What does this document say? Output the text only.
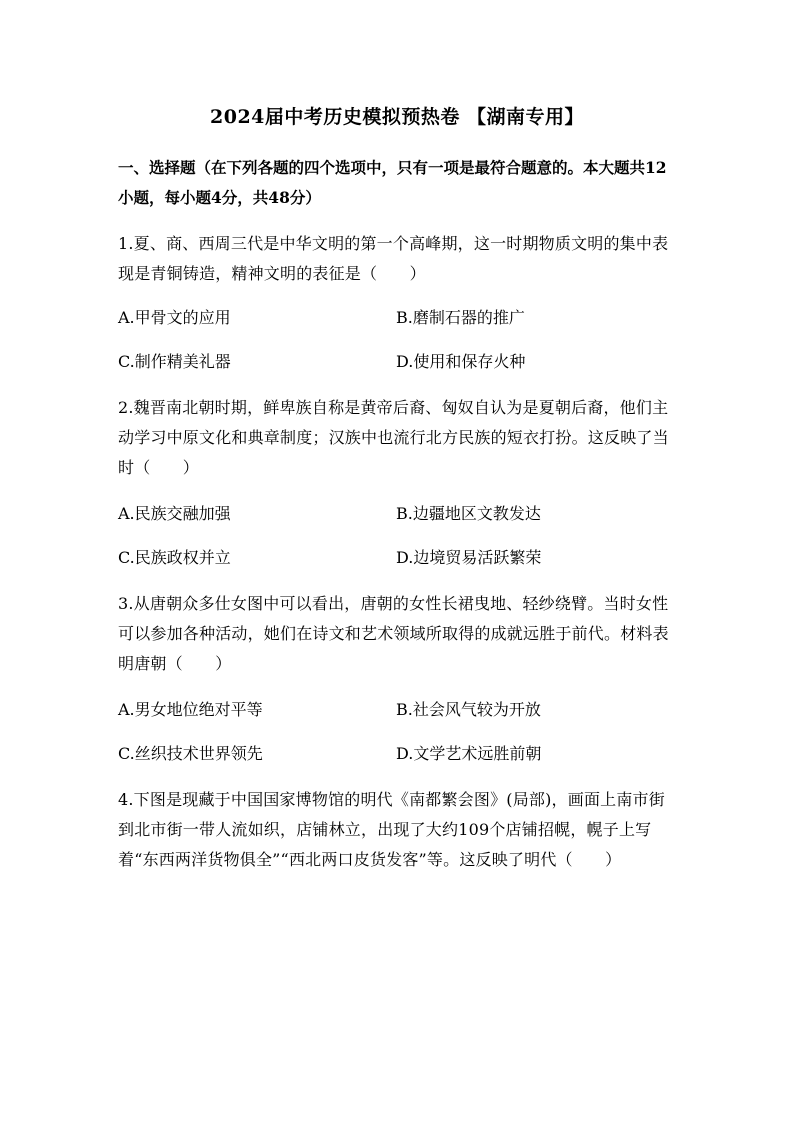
2024届中考历史模拟预热卷 【湖南专用】
一、选择题（在下列各题的四个选项中，只有一项是最符合题意的。本大题共12小题，每小题4分，共48分）
1.夏、商、西周三代是中华文明的第一个高峰期，这一时期物质文明的集中表现是青铜铸造，精神文明的表征是（　　）
A.甲骨文的应用	B.磨制石器的推广
C.制作精美礼器	D.使用和保存火种
2.魏晋南北朝时期，鲜卑族自称是黄帝后裔、匈奴自认为是夏朝后裔，他们主动学习中原文化和典章制度；汉族中也流行北方民族的短衣打扮。这反映了当时（　　）
A.民族交融加强	B.边疆地区文教发达
C.民族政权并立	D.边境贸易活跃繁荣
3.从唐朝众多仕女图中可以看出，唐朝的女性长裙曳地、轻纱绕臂。当时女性可以参加各种活动，她们在诗文和艺术领域所取得的成就远胜于前代。材料表明唐朝（　　）
A.男女地位绝对平等	B.社会风气较为开放
C.丝织技术世界领先	D.文学艺术远胜前朝
4.下图是现藏于中国国家博物馆的明代《南都繁会图》(局部)，画面上南市街到北市街一带人流如织，店铺林立，出现了大约109个店铺招幌，幌子上写着“东西两洋货物俱全”“西北两口皮货发客”等。这反映了明代（　　）
